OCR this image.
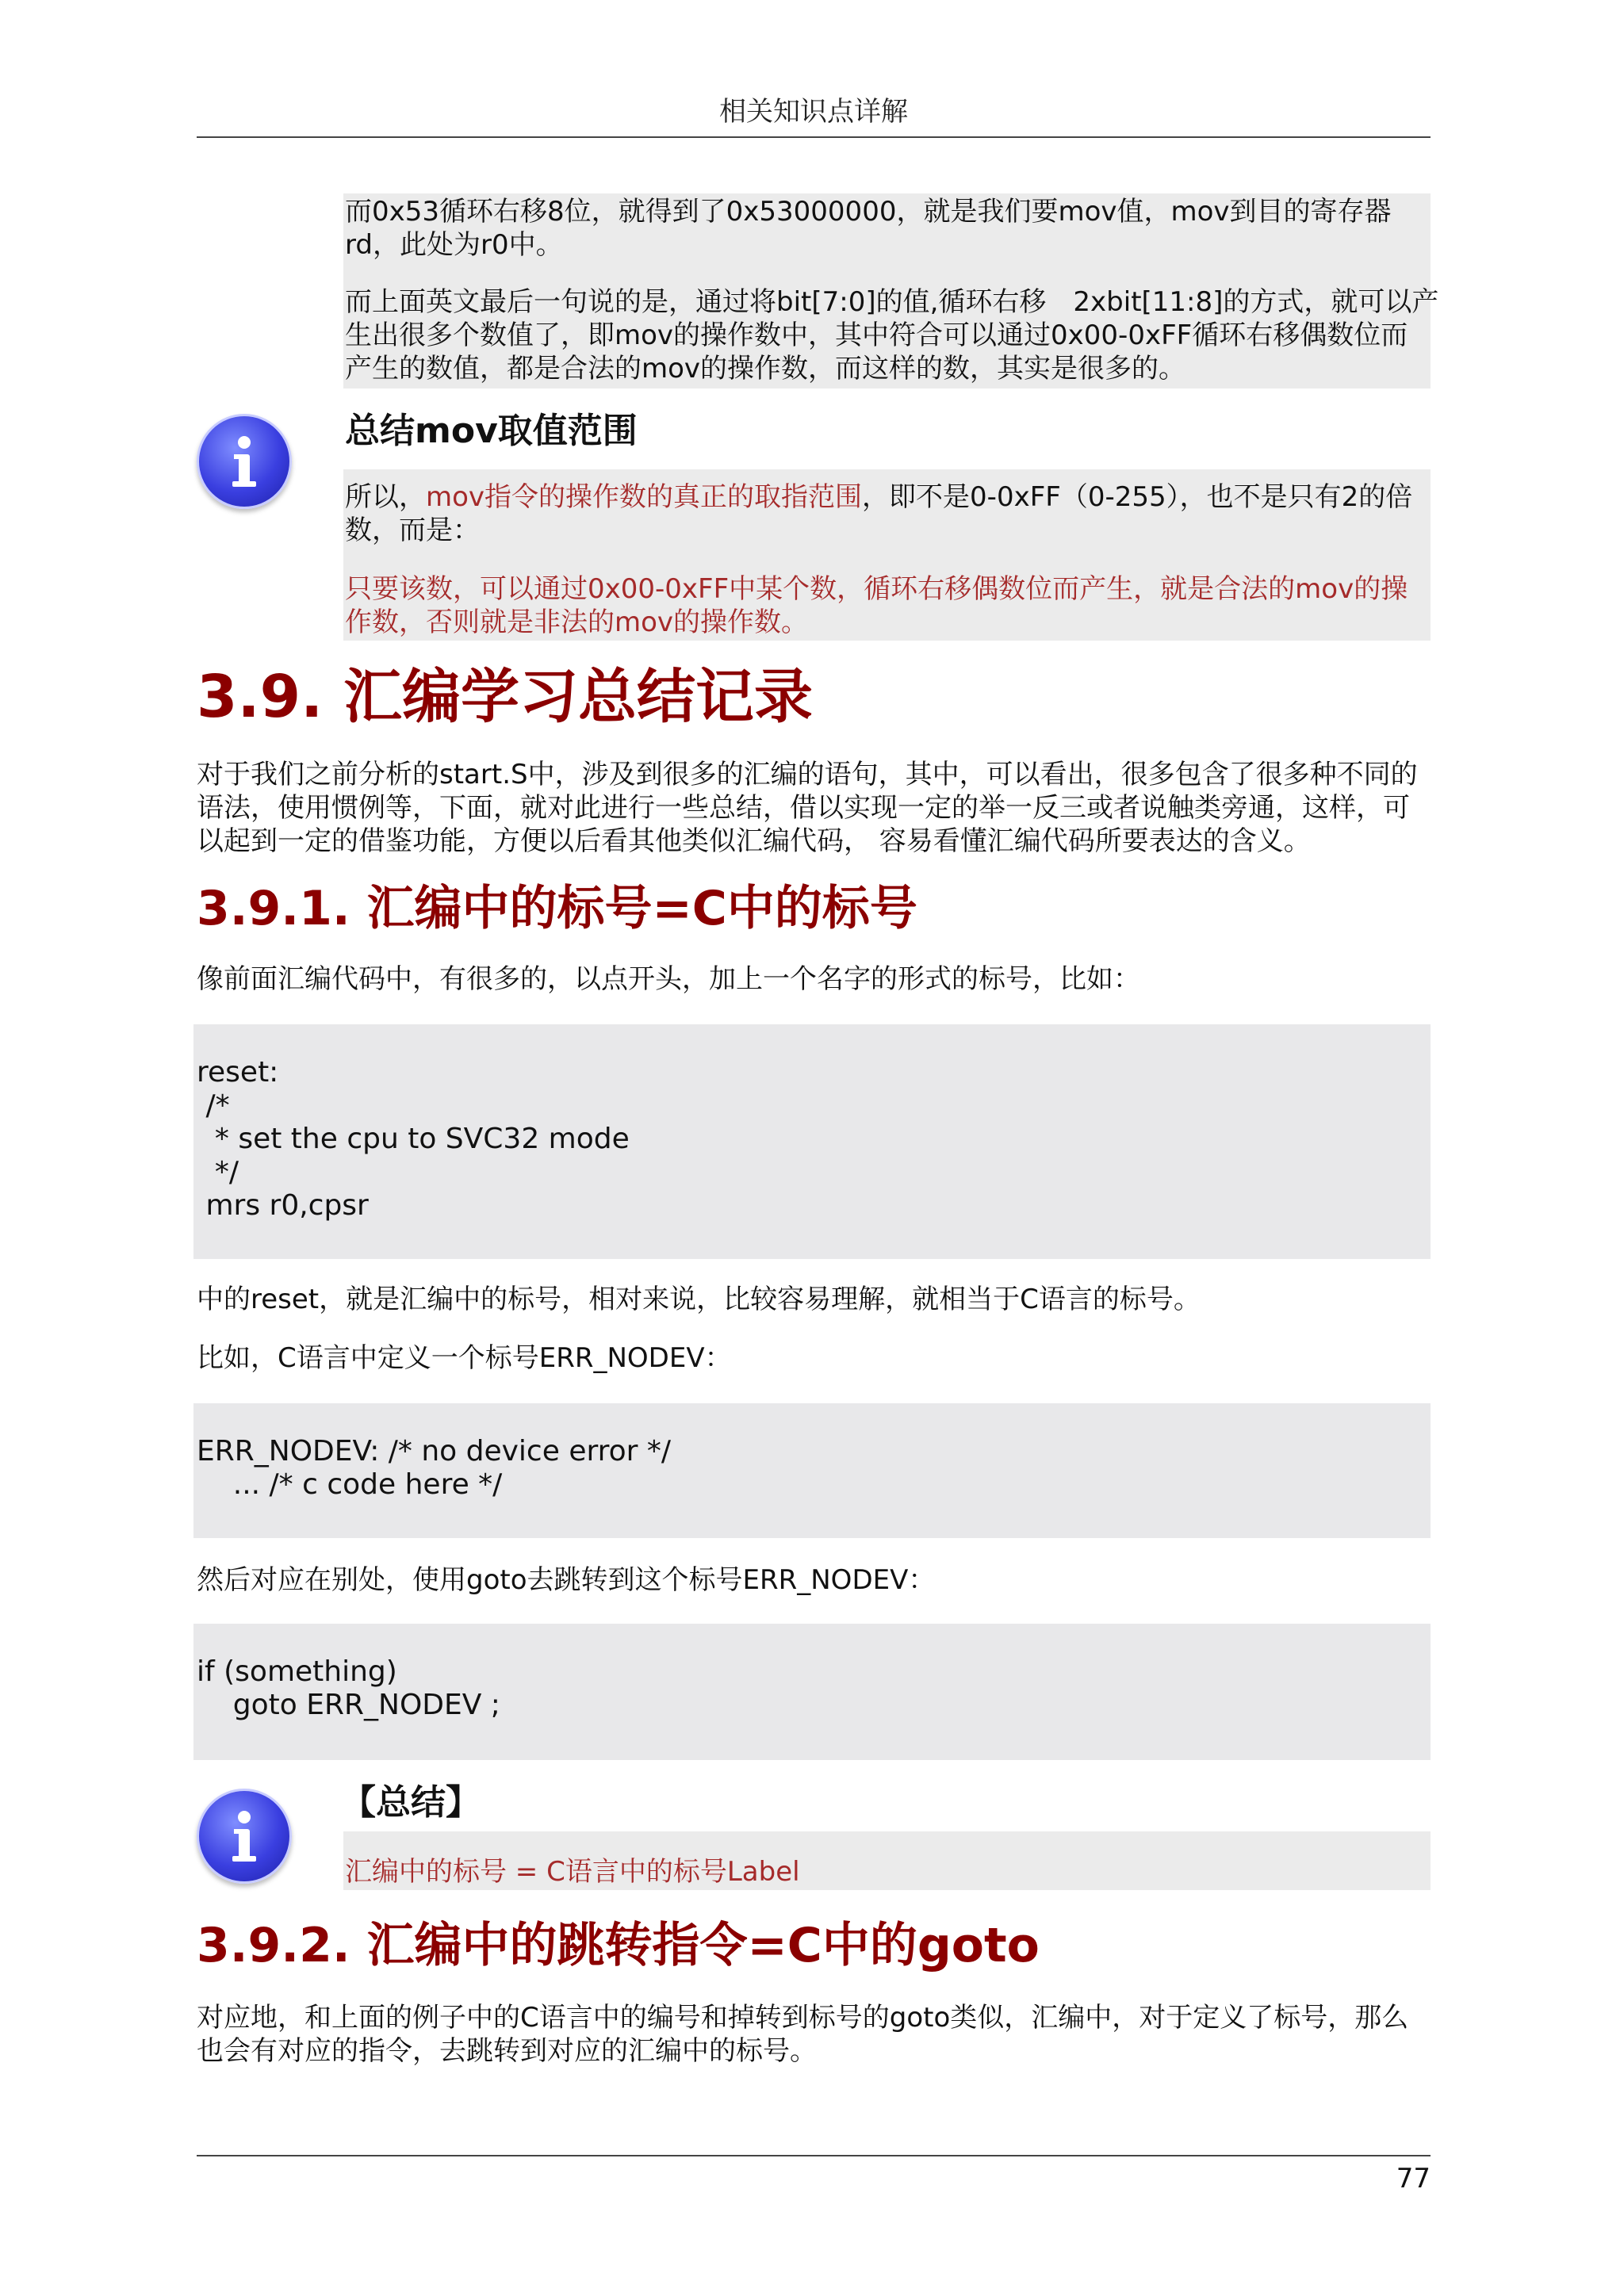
相关知识点详解
而0x53循环右移8位，就得到了0x53000000，就是我们要mov值，mov到目的寄存器
rd，此处为r0中。
而上面英文最后一句说的是，通过将bit[7:0]的值,循环右移　2xbit[11:8]的方式，就可以产
生出很多个数值了，即mov的操作数中，其中符合可以通过0x00-0xFF循环右移偶数位而
产生的数值，都是合法的mov的操作数，而这样的数，其实是很多的。
总结mov取值范围
所以，mov指令的操作数的真正的取指范围，即不是0-0xFF（0-255），也不是只有2的倍
数，而是：
只要该数，可以通过0x00-0xFF中某个数，循环右移偶数位而产生，就是合法的mov的操
作数，否则就是非法的mov的操作数。
3.9. 汇编学习总结记录
对于我们之前分析的start.S中，涉及到很多的汇编的语句，其中，可以看出，很多包含了很多种不同的
语法，使用惯例等，下面，就对此进行一些总结，借以实现一定的举一反三或者说触类旁通，这样，可
以起到一定的借鉴功能，方便以后看其他类似汇编代码， 容易看懂汇编代码所要表达的含义。
3.9.1. 汇编中的标号=C中的标号
像前面汇编代码中，有很多的，以点开头，加上一个名字的形式的标号，比如：
reset:
/*
* set the cpu to SVC32 mode
*/
mrs r0,cpsr
中的reset，就是汇编中的标号，相对来说，比较容易理解，就相当于C语言的标号。
比如，C语言中定义一个标号ERR_NODEV：
ERR_NODEV: /* no device error */
... /* c code here */
然后对应在别处，使用goto去跳转到这个标号ERR_NODEV：
if (something)
goto ERR_NODEV ;
【总结】
汇编中的标号 = C语言中的标号Label
3.9.2. 汇编中的跳转指令=C中的goto
对应地，和上面的例子中的C语言中的编号和掉转到标号的goto类似，汇编中，对于定义了标号，那么
也会有对应的指令，去跳转到对应的汇编中的标号。
77
